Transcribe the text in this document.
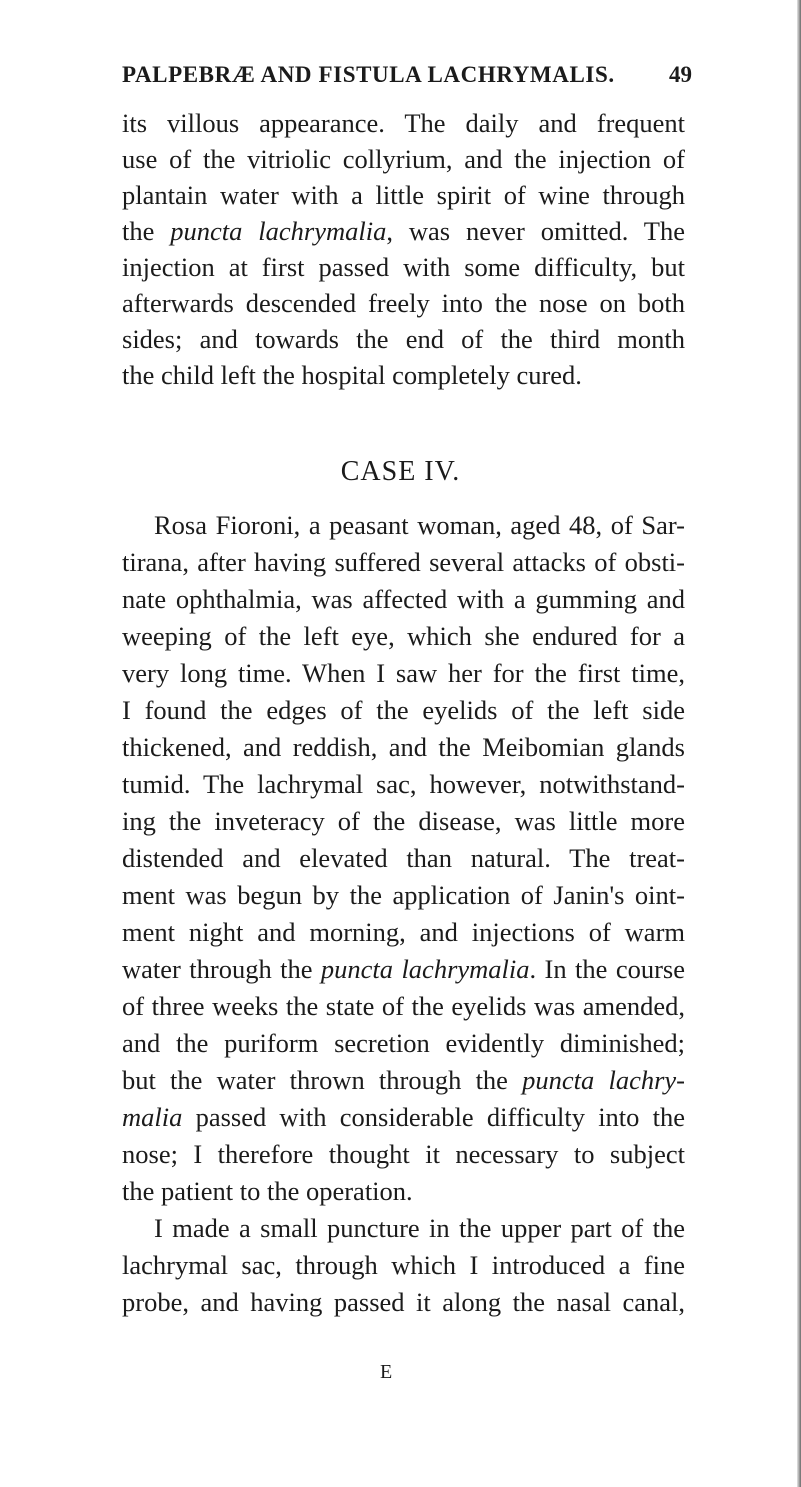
PALPEBRÆ AND FISTULA LACHRYMALIS. 49
its villous appearance. The daily and frequent
use of the vitriolic collyrium, and the injection of
plantain water with a little spirit of wine through
the puncta lachrymalia, was never omitted. The
injection at first passed with some difficulty, but
afterwards descended freely into the nose on both
sides; and towards the end of the third month
the child left the hospital completely cured.
Rosa Fioroni, a peasant woman, aged 48, of Sar-
tirana, after having suffered several attacks of obsti-
nate ophthalmia, was affected with a gumming and
weeping of the left eye, which she endured for a
very long time. When I saw her for the first time,
I found the edges of the eyelids of the left side
thickened, and reddish, and the Meibomian glands
tumid. The lachrymal sac, however, notwithstand-
ing the inveteracy of the disease, was little more
distended and elevated than natural. The treat-
ment was begun by the application of Janin's oint-
ment night and morning, and injections of warm
water through the puncta lachrymalia. In the course
of three weeks the state of the eyelids was amended,
and the puriform secretion evidently diminished;
but the water thrown through the puncta lachry-
malia passed with considerable difficulty into the
nose; I therefore thought it necessary to subject
the patient to the operation.
I made a small puncture in the upper part of the
lachrymal sac, through which I introduced a fine
probe, and having passed it along the nasal canal,
CASE IV.
E
